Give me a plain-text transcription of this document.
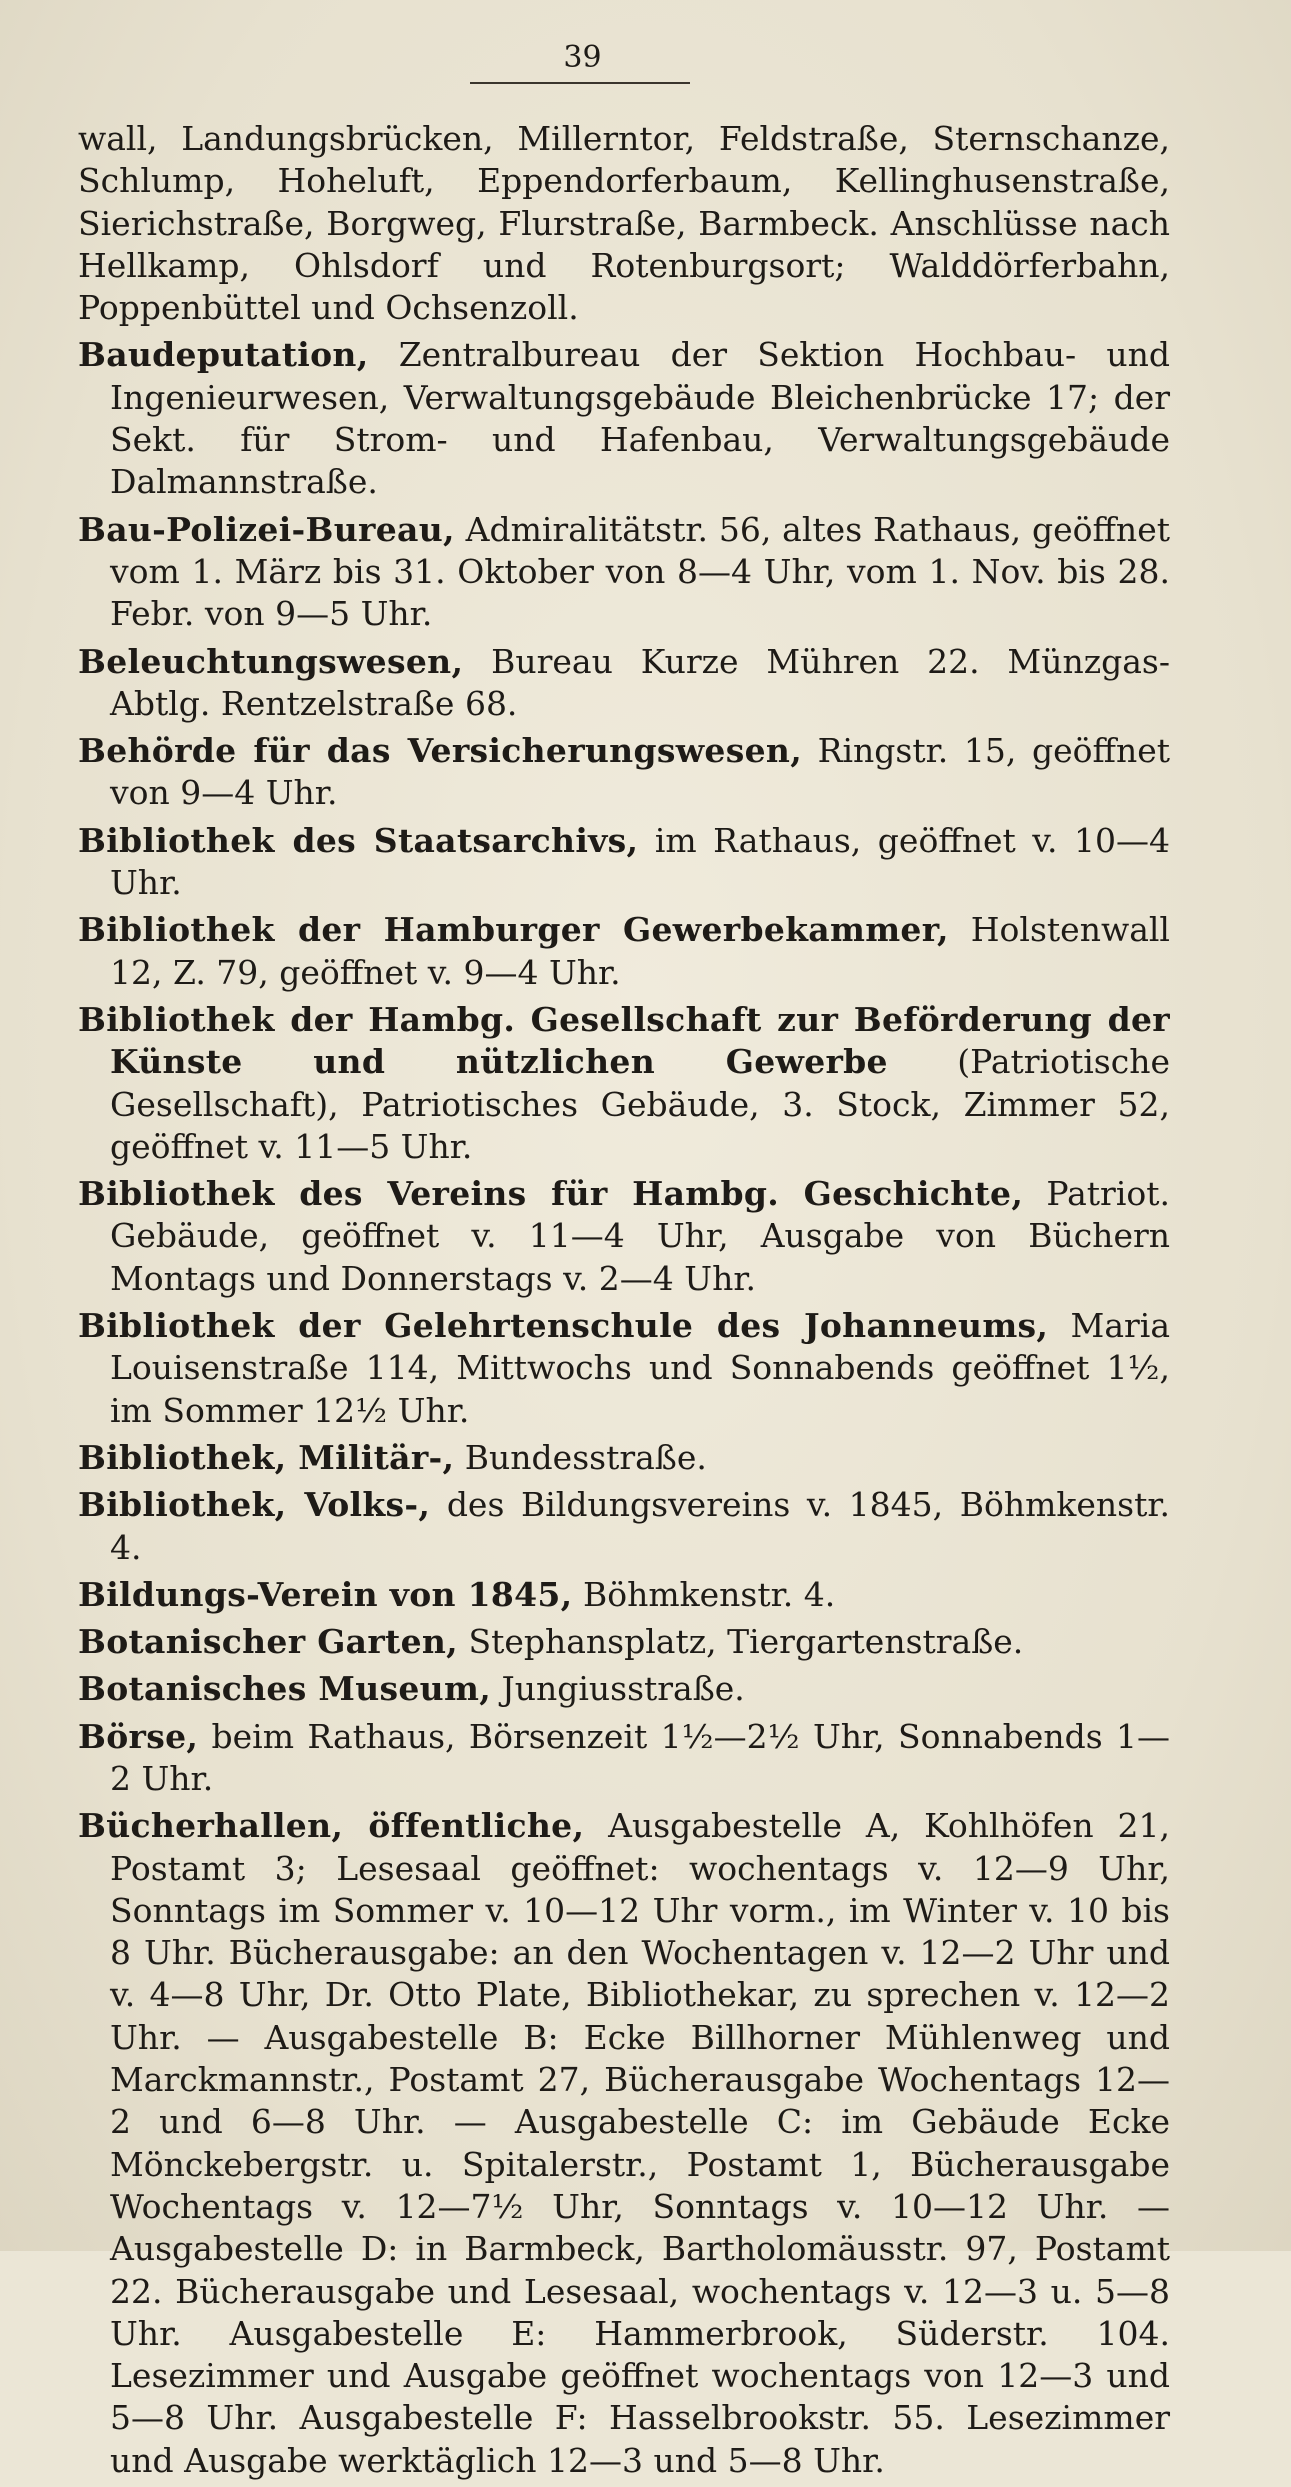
39

wall, Landungsbrücken, Millerntor, Feldstraße, Sternschanze, Schlump, Hoheluft, Eppendorferbaum, Kellinghusenstraße, Sierichstraße, Borgweg, Flurstraße, Barmbeck. Anschlüsse nach Hellkamp, Ohlsdorf und Rotenburgsort; Walddörferbahn, Poppenbüttel und Ochsenzoll.

Baudeputation, Zentralbureau der Sektion Hochbau- und Ingenieurwesen, Verwaltungsgebäude Bleichenbrücke 17; der Sekt. für Strom- und Hafenbau, Verwaltungsgebäude Dalmannstraße.

Bau-Polizei-Bureau, Admiralitätstr. 56, altes Rathaus, geöffnet vom 1. März bis 31. Oktober von 8—4 Uhr, vom 1. Nov. bis 28. Febr. von 9—5 Uhr.

Beleuchtungswesen, Bureau Kurze Mühren 22. Münzgas-Abtlg. Rentzelstraße 68.

Behörde für das Versicherungswesen, Ringstr. 15, geöffnet von 9—4 Uhr.

Bibliothek des Staatsarchivs, im Rathaus, geöffnet v. 10—4 Uhr.

Bibliothek der Hamburger Gewerbekammer, Holstenwall 12, Z. 79, geöffnet v. 9—4 Uhr.

Bibliothek der Hambg. Gesellschaft zur Beförderung der Künste und nützlichen Gewerbe (Patriotische Gesellschaft), Patriotisches Gebäude, 3. Stock, Zimmer 52, geöffnet v. 11—5 Uhr.

Bibliothek des Vereins für Hambg. Geschichte, Patriot. Gebäude, geöffnet v. 11—4 Uhr, Ausgabe von Büchern Montags und Donnerstags v. 2—4 Uhr.

Bibliothek der Gelehrtenschule des Johanneums, Maria Louisenstraße 114, Mittwochs und Sonnabends geöffnet 1½, im Sommer 12½ Uhr.

Bibliothek, Militär-, Bundesstraße.

Bibliothek, Volks-, des Bildungsvereins v. 1845, Böhmkenstr. 4.

Bildungs-Verein von 1845, Böhmkenstr. 4.

Botanischer Garten, Stephansplatz, Tiergartenstraße.

Botanisches Museum, Jungiusstraße.

Börse, beim Rathaus, Börsenzeit 1½—2½ Uhr, Sonnabends 1—2 Uhr.

Bücherhallen, öffentliche, Ausgabestelle A, Kohlhöfen 21, Postamt 3; Lesesaal geöffnet: wochentags v. 12—9 Uhr, Sonntags im Sommer v. 10—12 Uhr vorm., im Winter v. 10 bis 8 Uhr. Bücherausgabe: an den Wochentagen v. 12—2 Uhr und v. 4—8 Uhr, Dr. Otto Plate, Bibliothekar, zu sprechen v. 12—2 Uhr. — Ausgabestelle B: Ecke Billhorner Mühlenweg und Marckmannstr., Postamt 27, Bücherausgabe Wochentags 12—2 und 6—8 Uhr. — Ausgabestelle C: im Gebäude Ecke Mönckebergstr. u. Spitalerstr., Postamt 1, Bücherausgabe Wochentags v. 12—7½ Uhr, Sonntags v. 10—12 Uhr. — Ausgabestelle D: in Barmbeck, Bartholomäusstr. 97, Postamt 22. Bücherausgabe und Lesesaal, wochentags v. 12—3 u. 5—8 Uhr. Ausgabestelle E: Hammerbrook, Süderstr. 104. Lesezimmer und Ausgabe geöffnet wochentags von 12—3 und 5—8 Uhr. Ausgabestelle F: Hasselbrookstr. 55. Lesezimmer und Ausgabe werktäglich 12—3 und 5—8 Uhr.
